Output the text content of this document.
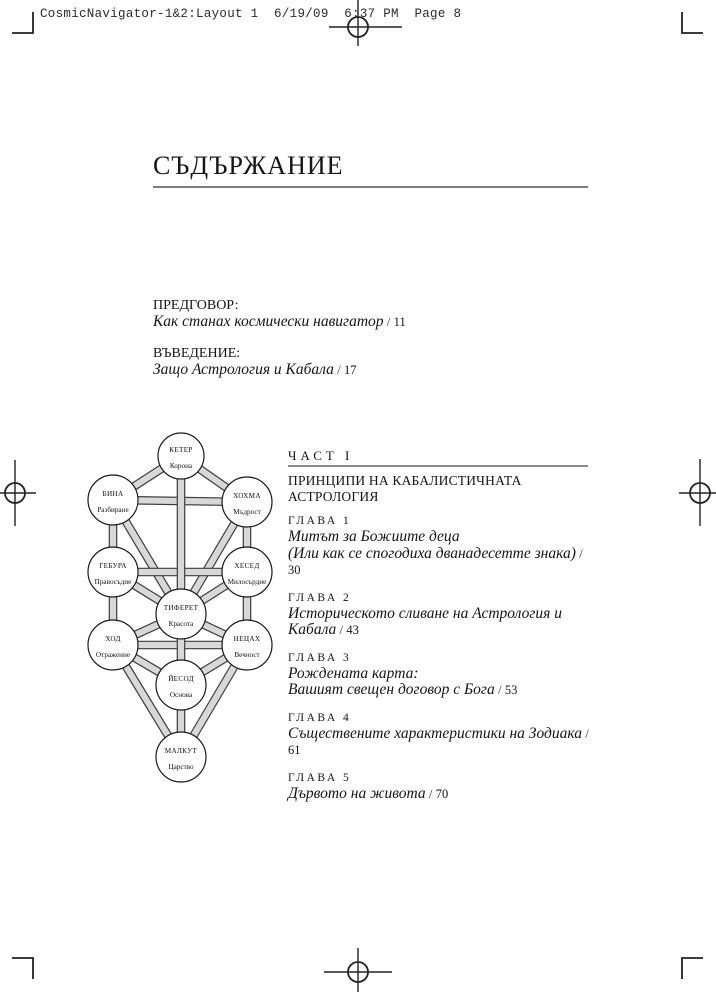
CosmicNavigator-1&2:Layout 1  6/19/09  6:37 PM  Page 8
СЪДЪРЖАНИЕ
ПРЕДГОВОР:
Как станах космически навигатор / 11
ВЪВЕДЕНИЕ:
Защо Астрология и Кабала / 17
КЕТЕР
Корона
БИНА
Разбиране
ХОХМА
Мъдрост
ГЕБУРА
Правосъдие
ХЕСЕД
Милосърдие
ТИФЕРЕТ
Красота
ХОД
Отражение
НЕЦАХ
Вечност
ЙЕСОД
Основа
МАЛКУТ
Царство
ЧАСТ I
ПРИНЦИПИ НА КАБАЛИСТИЧНАТА АСТРОЛОГИЯ
ГЛАВА 1
Митът за Божиите деца
(Или как се спогодиха дванадесетте знака) / 30
ГЛАВА 2
Историческото сливане на Астрология и Кабала / 43
ГЛАВА 3
Рождената карта:
Вашият свещен договор с Бога / 53
ГЛАВА 4
Съществените характеристики на Зодиака / 61
ГЛАВА 5
Дървото на живота / 70
